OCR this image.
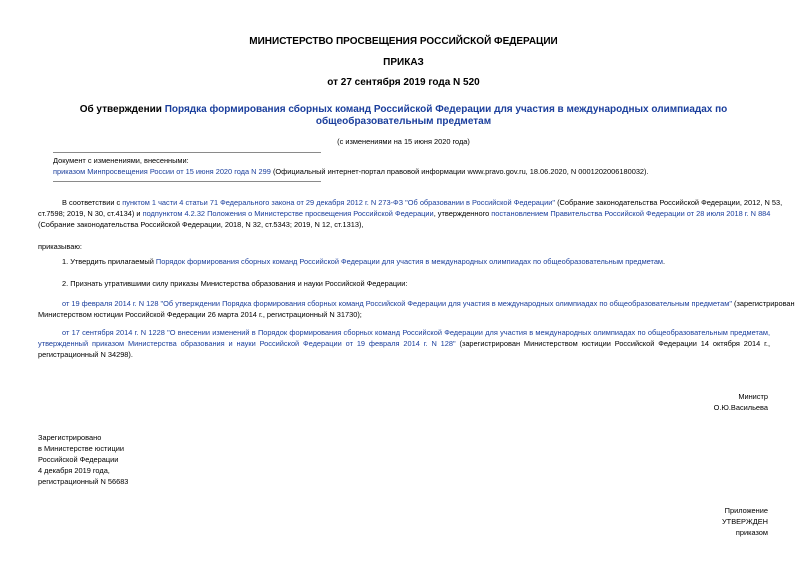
МИНИСТЕРСТВО ПРОСВЕЩЕНИЯ РОССИЙСКОЙ ФЕДЕРАЦИИ
ПРИКАЗ
от 27 сентября 2019 года N 520
Об утверждении Порядка формирования сборных команд Российской Федерации для участия в международных олимпиадах по общеобразовательным предметам
(с изменениями на 15 июня 2020 года)
Документ с изменениями, внесенными:
приказом Минпросвещения России от 15 июня 2020 года N 299 (Официальный интернет-портал правовой информации www.pravo.gov.ru, 18.06.2020, N 0001202006180032).
В соответствии с пунктом 1 части 4 статьи 71 Федерального закона от 29 декабря 2012 г. N 273-ФЗ "Об образовании в Российской Федерации" (Собрание законодательства Российской Федерации, 2012, N 53,
ст.7598; 2019, N 30, ст.4134) и подпунктом 4.2.32 Положения о Министерстве просвещения Российской Федерации, утвержденного постановлением Правительства Российской Федерации от 28 июля 2018 г. N 884
(Собрание законодательства Российской Федерации, 2018, N 32, ст.5343; 2019, N 12, ст.1313),
приказываю:
1. Утвердить прилагаемый Порядок формирования сборных команд Российской Федерации для участия в международных олимпиадах по общеобразовательным предметам.
2. Признать утратившими силу приказы Министерства образования и науки Российской Федерации:
от 19 февраля 2014 г. N 128 "Об утверждении Порядка формирования сборных команд Российской Федерации для участия в международных олимпиадах по общеобразовательным предметам" (зарегистрирован
Министерством юстиции Российской Федерации 26 марта 2014 г., регистрационный N 31730);
от 17 сентября 2014 г. N 1228 "О внесении изменений в Порядок формирования сборных команд Российской Федерации для участия в международных олимпиадах по общеобразовательным предметам, утвержденный приказом Министерства образования и науки Российской Федерации от 19 февраля 2014 г. N 128" (зарегистрирован Министерством юстиции Российской Федерации 14 октября 2014 г., регистрационный N 34298).
Министр
О.Ю.Васильева
Зарегистрировано
в Министерстве юстиции
Российской Федерации
4 декабря 2019 года,
регистрационный N 56683
Приложение
УТВЕРЖДЕН
приказом
